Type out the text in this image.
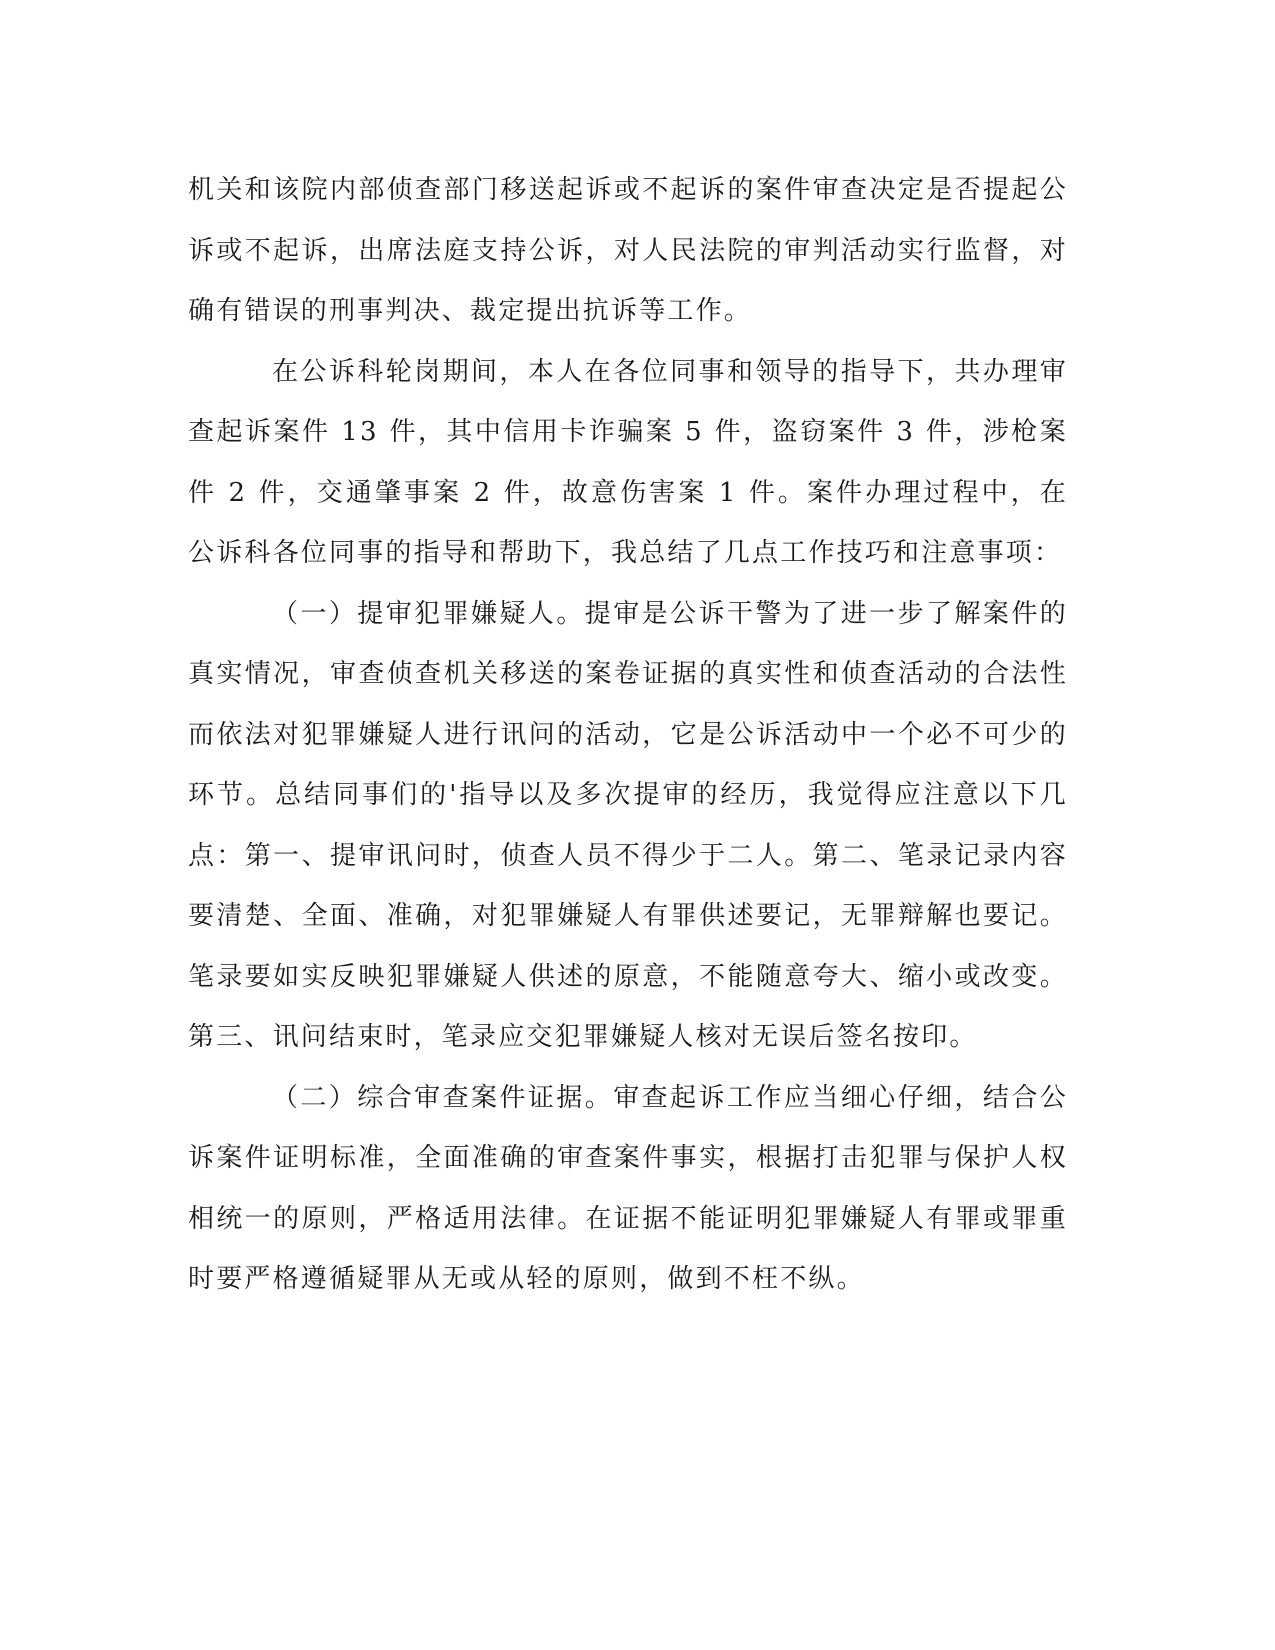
机关和该院内部侦查部门移送起诉或不起诉的案件审查决定是否提起公诉或不起诉，出席法庭支持公诉，对人民法院的审判活动实行监督，对确有错误的刑事判决、裁定提出抗诉等工作。

在公诉科轮岗期间，本人在各位同事和领导的指导下，共办理审查起诉案件 13 件，其中信用卡诈骗案 5 件，盗窃案件 3 件，涉枪案件 2 件，交通肇事案 2 件，故意伤害案 1 件。案件办理过程中，在公诉科各位同事的指导和帮助下，我总结了几点工作技巧和注意事项：

（一）提审犯罪嫌疑人。提审是公诉干警为了进一步了解案件的真实情况，审查侦查机关移送的案卷证据的真实性和侦查活动的合法性而依法对犯罪嫌疑人进行讯问的活动，它是公诉活动中一个必不可少的环节。总结同事们的'指导以及多次提审的经历，我觉得应注意以下几点：第一、提审讯问时，侦查人员不得少于二人。第二、笔录记录内容要清楚、全面、准确，对犯罪嫌疑人有罪供述要记，无罪辩解也要记。笔录要如实反映犯罪嫌疑人供述的原意，不能随意夸大、缩小或改变。第三、讯问结束时，笔录应交犯罪嫌疑人核对无误后签名按印。

（二）综合审查案件证据。审查起诉工作应当细心仔细，结合公诉案件证明标准，全面准确的审查案件事实，根据打击犯罪与保护人权相统一的原则，严格适用法律。在证据不能证明犯罪嫌疑人有罪或罪重时要严格遵循疑罪从无或从轻的原则，做到不枉不纵。
